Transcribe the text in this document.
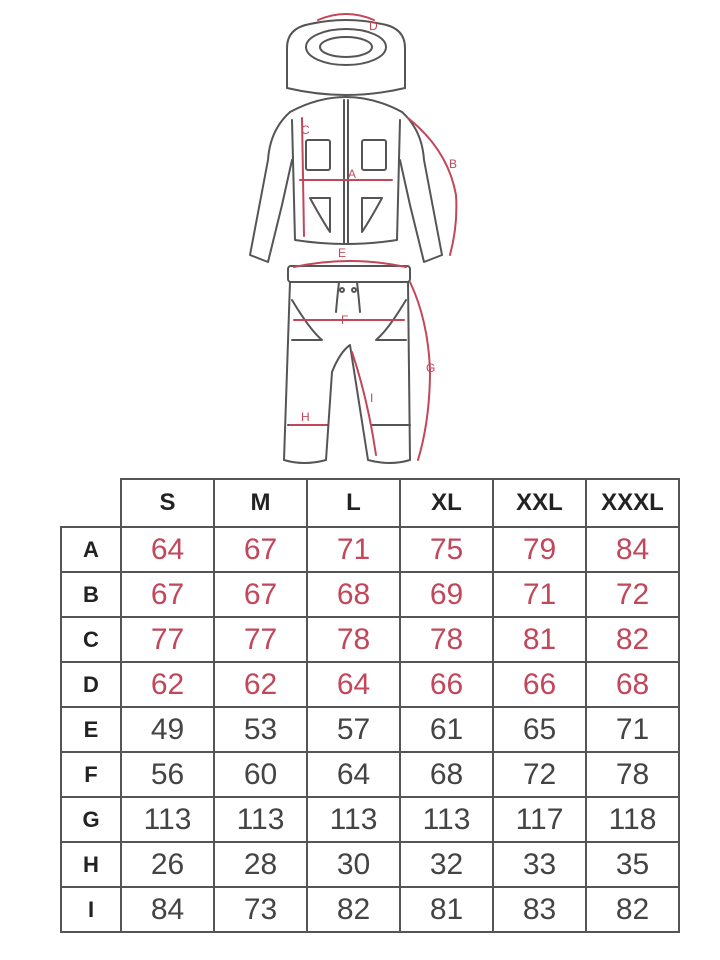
D
B
C
A
E
F
G
H
I
	S	M	L	XL	XXL	XXXL
A	64	67	71	75	79	84
B	67	67	68	69	71	72
C	77	77	78	78	81	82
D	62	62	64	66	66	68
E	49	53	57	61	65	71
F	56	60	64	68	72	78
G	113	113	113	113	117	118
H	26	28	30	32	33	35
I	84	73	82	81	83	82
